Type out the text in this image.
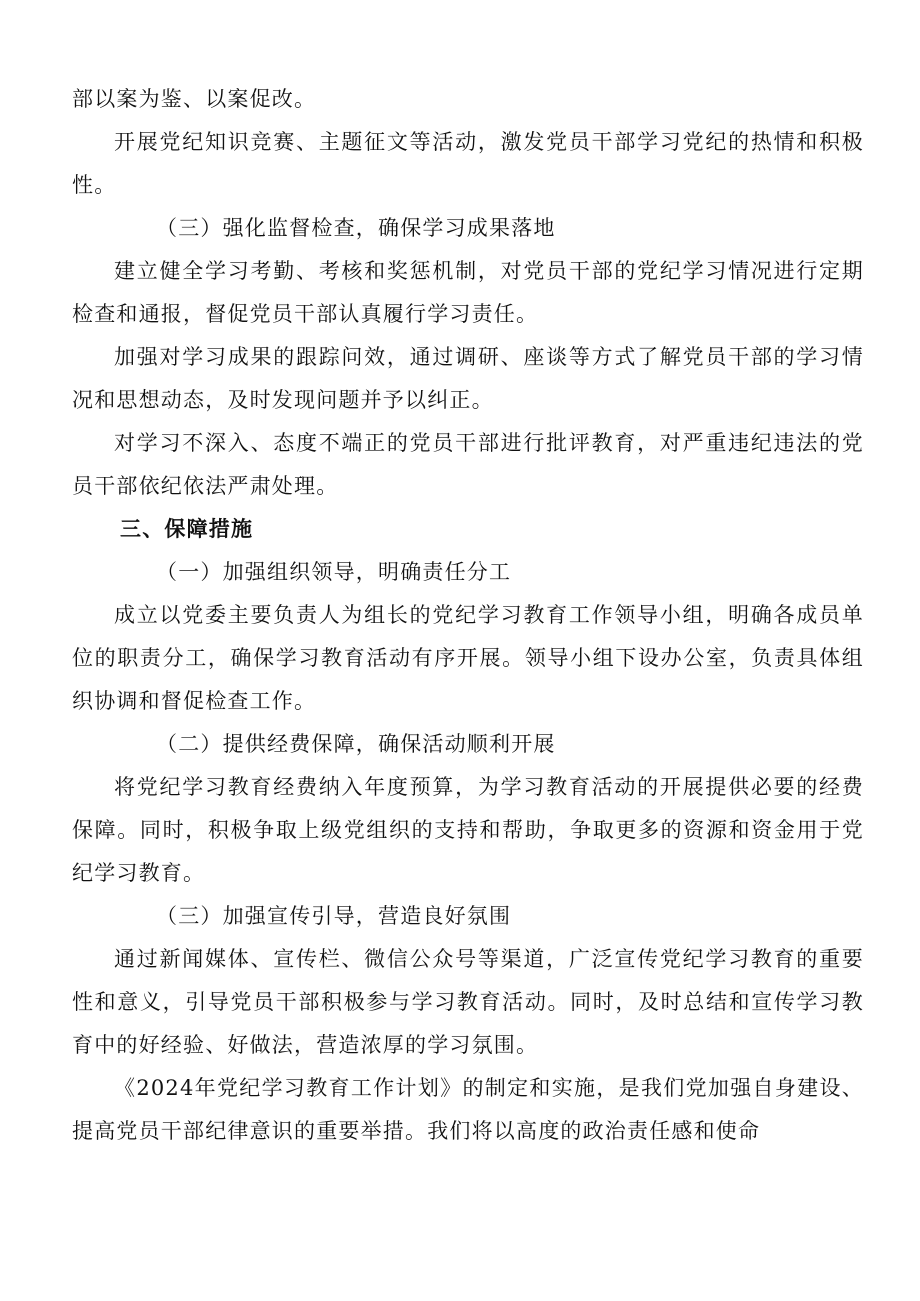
部以案为鉴、以案促改。

开展党纪知识竞赛、主题征文等活动，激发党员干部学习党纪的热情和积极性。

（三）强化监督检查，确保学习成果落地

建立健全学习考勤、考核和奖惩机制，对党员干部的党纪学习情况进行定期检查和通报，督促党员干部认真履行学习责任。

加强对学习成果的跟踪问效，通过调研、座谈等方式了解党员干部的学习情况和思想动态，及时发现问题并予以纠正。

对学习不深入、态度不端正的党员干部进行批评教育，对严重违纪违法的党员干部依纪依法严肃处理。

三、保障措施

（一）加强组织领导，明确责任分工

成立以党委主要负责人为组长的党纪学习教育工作领导小组，明确各成员单位的职责分工，确保学习教育活动有序开展。领导小组下设办公室，负责具体组织协调和督促检查工作。

（二）提供经费保障，确保活动顺利开展

将党纪学习教育经费纳入年度预算，为学习教育活动的开展提供必要的经费保障。同时，积极争取上级党组织的支持和帮助，争取更多的资源和资金用于党纪学习教育。

（三）加强宣传引导，营造良好氛围

通过新闻媒体、宣传栏、微信公众号等渠道，广泛宣传党纪学习教育的重要性和意义，引导党员干部积极参与学习教育活动。同时，及时总结和宣传学习教育中的好经验、好做法，营造浓厚的学习氛围。

《2024年党纪学习教育工作计划》的制定和实施，是我们党加强自身建设、提高党员干部纪律意识的重要举措。我们将以高度的政治责任感和使命
